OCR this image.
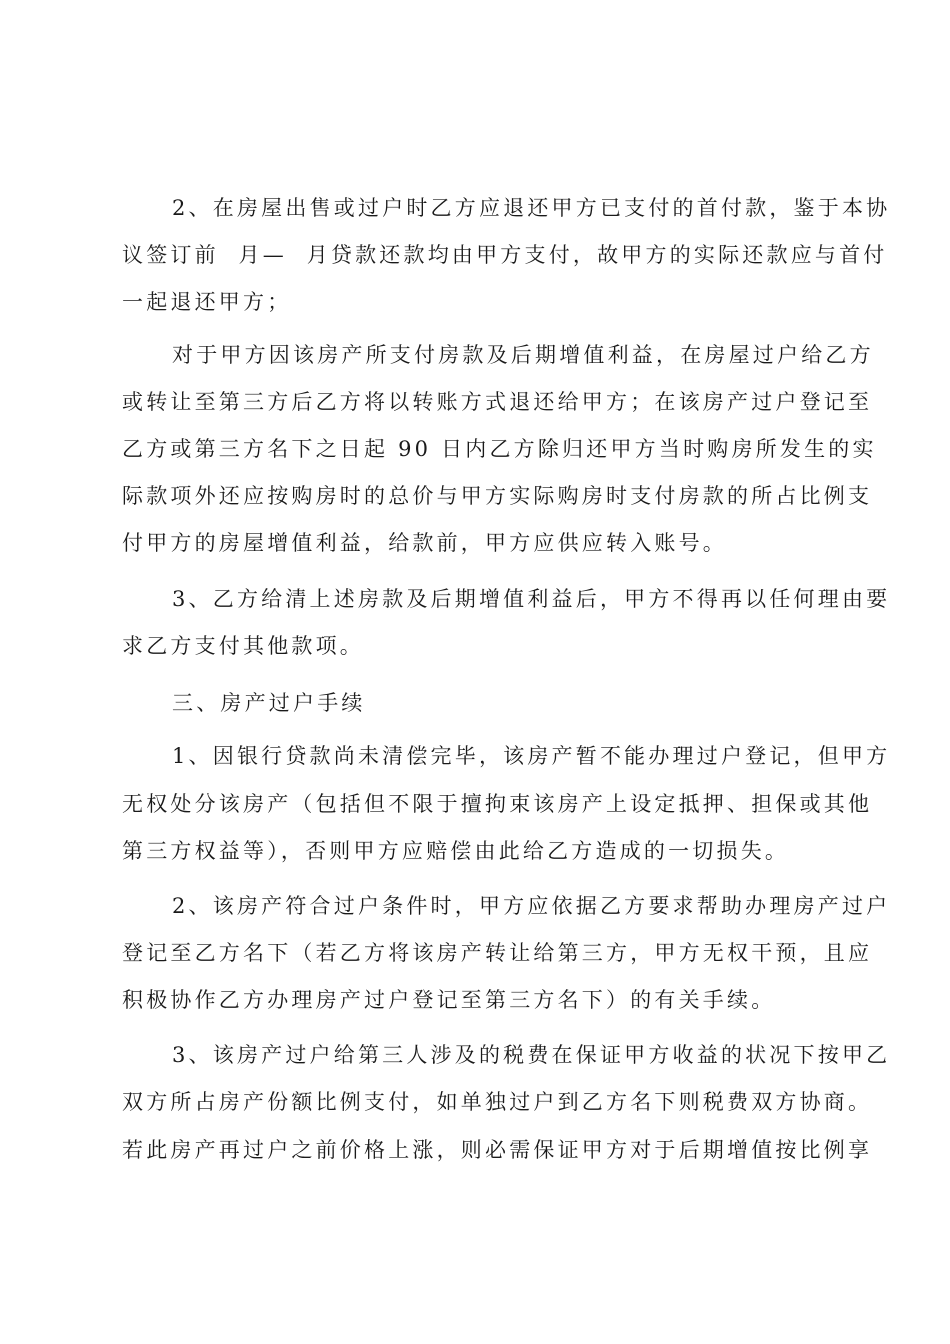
2、在房屋出售或过户时乙方应退还甲方已支付的首付款，鉴于本协

议签订前  月—  月贷款还款均由甲方支付，故甲方的实际还款应与首付

一起退还甲方；

对于甲方因该房产所支付房款及后期增值利益，在房屋过户给乙方

或转让至第三方后乙方将以转账方式退还给甲方；在该房产过户登记至

乙方或第三方名下之日起 90 日内乙方除归还甲方当时购房所发生的实

际款项外还应按购房时的总价与甲方实际购房时支付房款的所占比例支

付甲方的房屋增值利益，给款前，甲方应供应转入账号。

3、乙方给清上述房款及后期增值利益后，甲方不得再以任何理由要

求乙方支付其他款项。

三、房产过户手续

1、因银行贷款尚未清偿完毕，该房产暂不能办理过户登记，但甲方

无权处分该房产（包括但不限于擅拘束该房产上设定抵押、担保或其他

第三方权益等），否则甲方应赔偿由此给乙方造成的一切损失。

2、该房产符合过户条件时，甲方应依据乙方要求帮助办理房产过户

登记至乙方名下（若乙方将该房产转让给第三方，甲方无权干预，且应

积极协作乙方办理房产过户登记至第三方名下）的有关手续。

3、该房产过户给第三人涉及的税费在保证甲方收益的状况下按甲乙

双方所占房产份额比例支付，如单独过户到乙方名下则税费双方协商。

若此房产再过户之前价格上涨，则必需保证甲方对于后期增值按比例享
